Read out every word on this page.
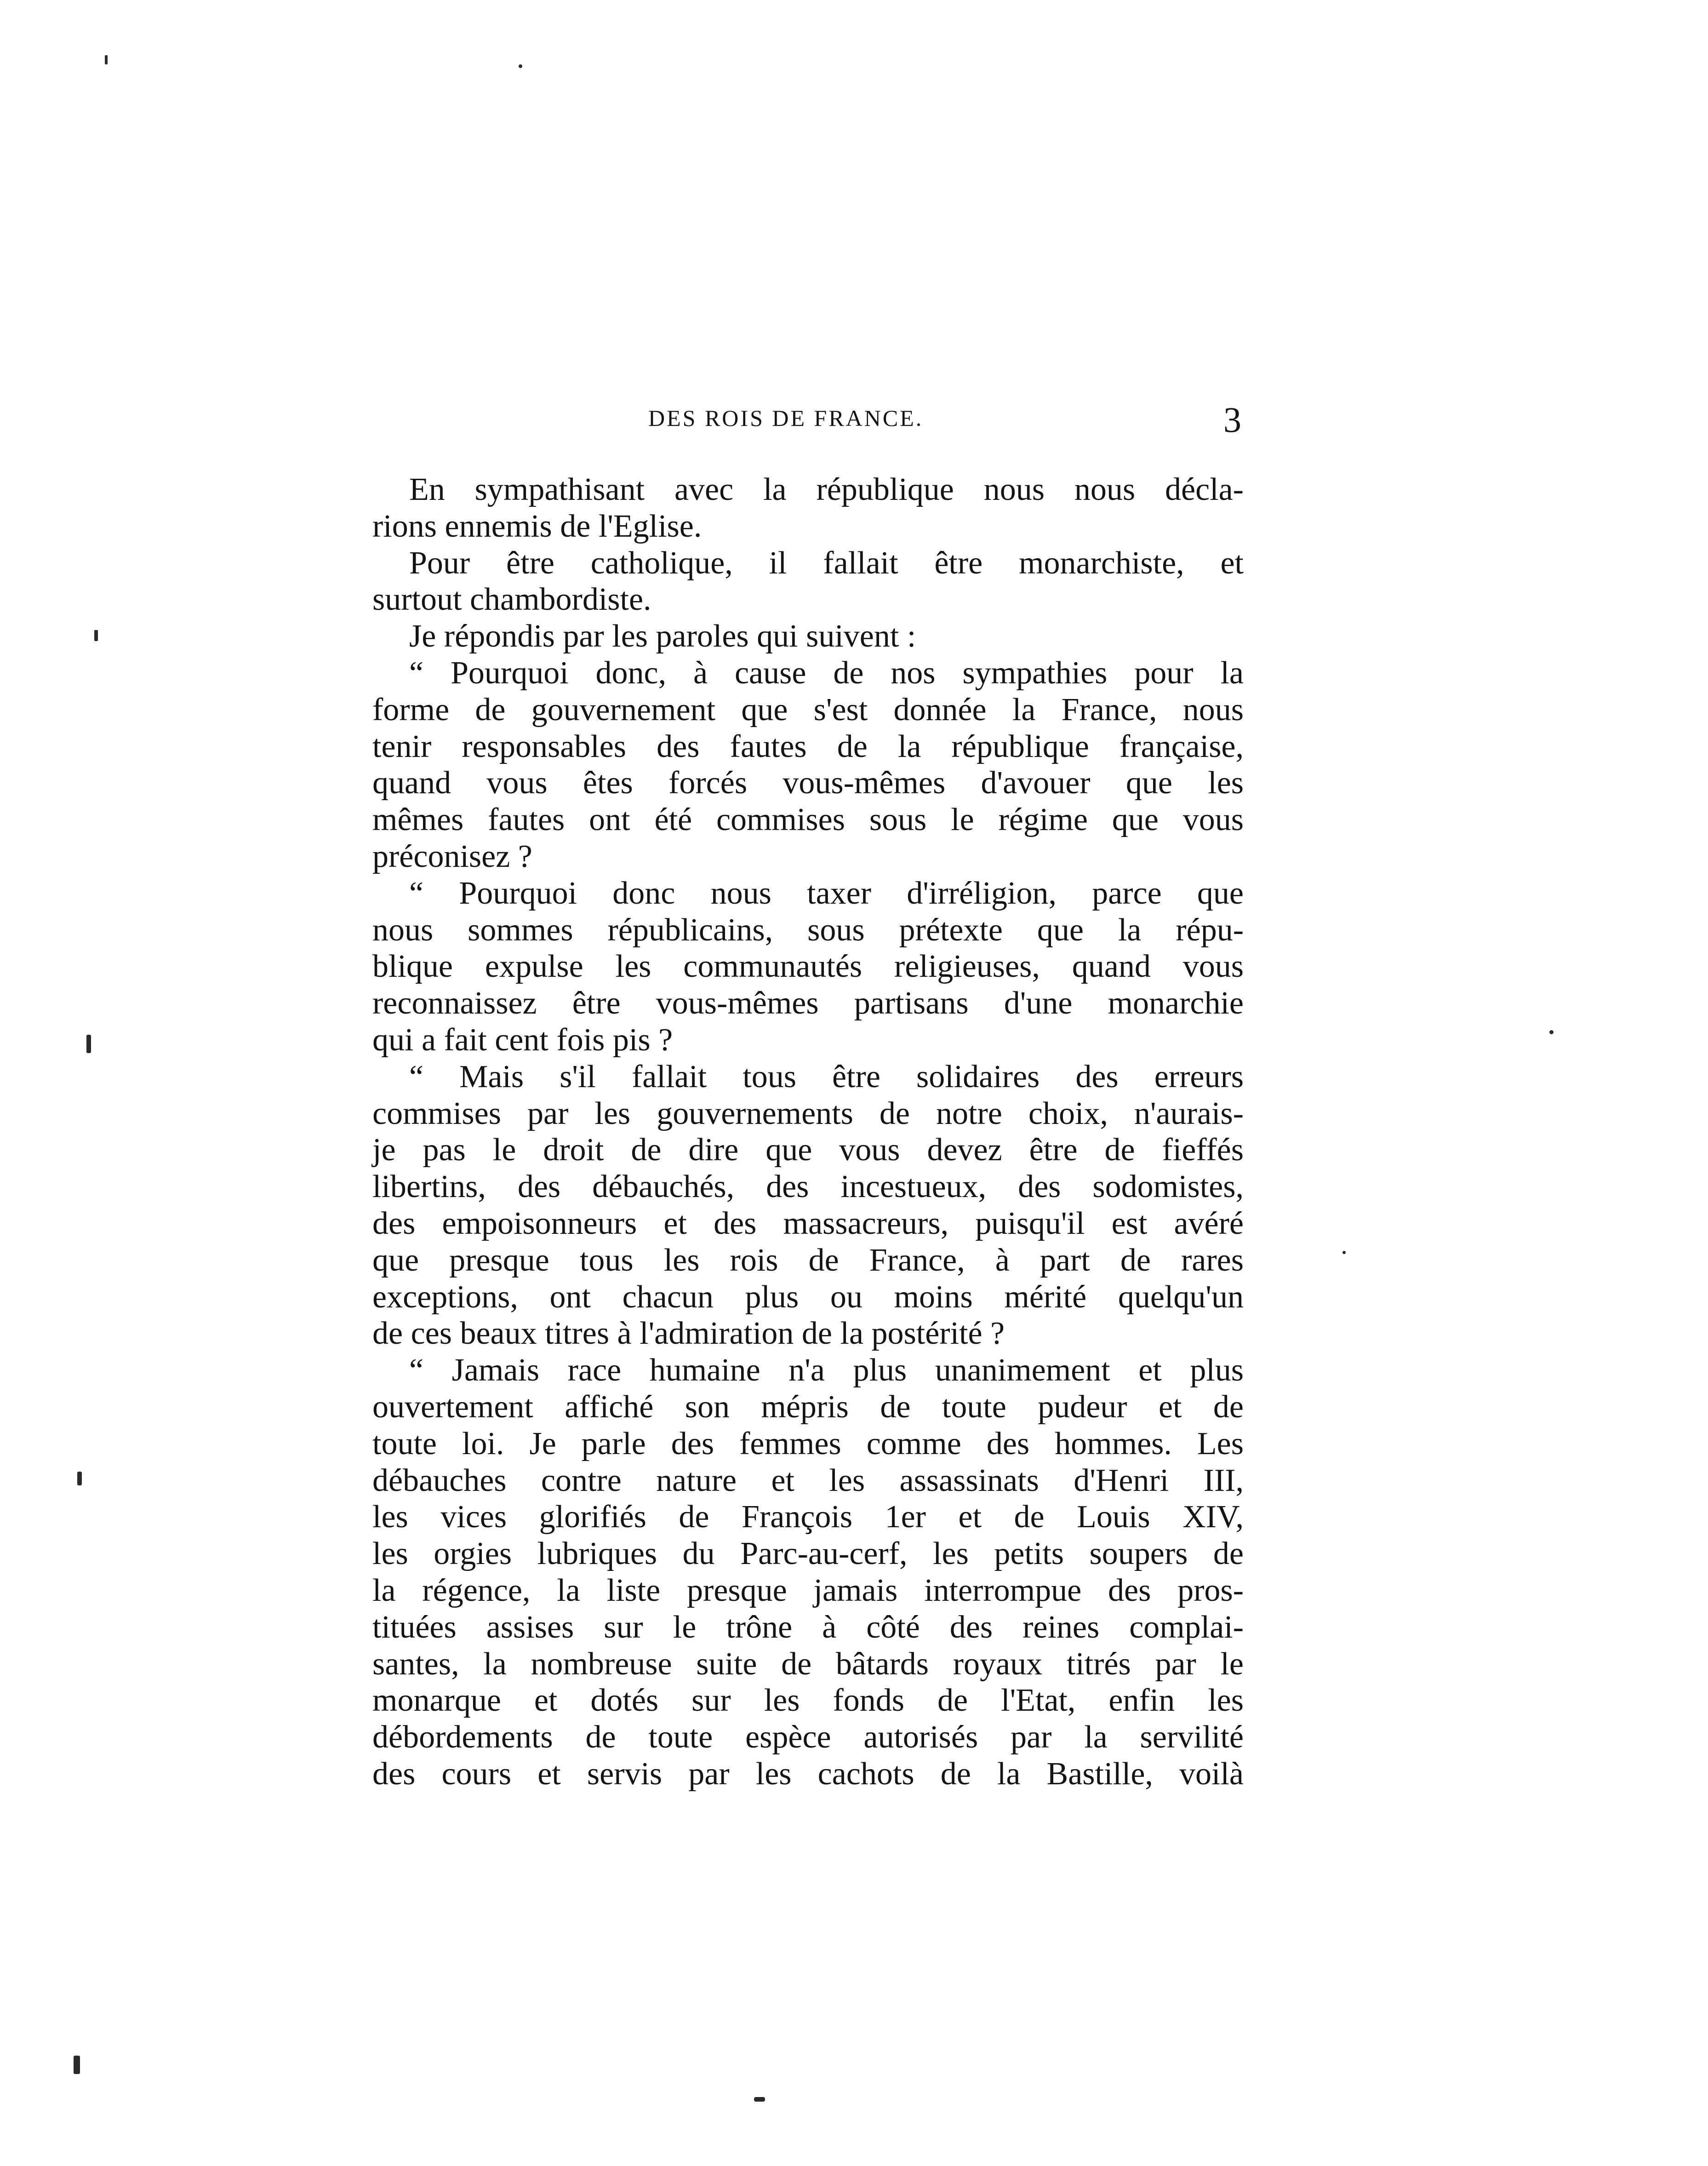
DES ROIS DE FRANCE.	3
En sympathisant avec la république nous nous décla-
rions ennemis de l'Eglise.
Pour être catholique, il fallait être monarchiste, et
surtout chambordiste.
Je répondis par les paroles qui suivent :
“ Pourquoi donc, à cause de nos sympathies pour la
forme de gouvernement que s'est donnée la France, nous
tenir responsables des fautes de la république française,
quand vous êtes forcés vous-mêmes d'avouer que les
mêmes fautes ont été commises sous le régime que vous
préconisez ?
“ Pourquoi donc nous taxer d'irréligion, parce que
nous sommes républicains, sous prétexte que la répu-
blique expulse les communautés religieuses, quand vous
reconnaissez être vous-mêmes partisans d'une monarchie
qui a fait cent fois pis ?
“ Mais s'il fallait tous être solidaires des erreurs
commises par les gouvernements de notre choix, n'aurais-
je pas le droit de dire que vous devez être de fieffés
libertins, des débauchés, des incestueux, des sodomistes,
des empoisonneurs et des massacreurs, puisqu'il est avéré
que presque tous les rois de France, à part de rares
exceptions, ont chacun plus ou moins mérité quelqu'un
de ces beaux titres à l'admiration de la postérité ?
“ Jamais race humaine n'a plus unanimement et plus
ouvertement affiché son mépris de toute pudeur et de
toute loi. Je parle des femmes comme des hommes. Les
débauches contre nature et les assassinats d'Henri III,
les vices glorifiés de François 1er et de Louis XIV,
les orgies lubriques du Parc-au-cerf, les petits soupers de
la régence, la liste presque jamais interrompue des pros-
tituées assises sur le trône à côté des reines complai-
santes, la nombreuse suite de bâtards royaux titrés par le
monarque et dotés sur les fonds de l'Etat, enfin les
débordements de toute espèce autorisés par la servilité
des cours et servis par les cachots de la Bastille, voilà
